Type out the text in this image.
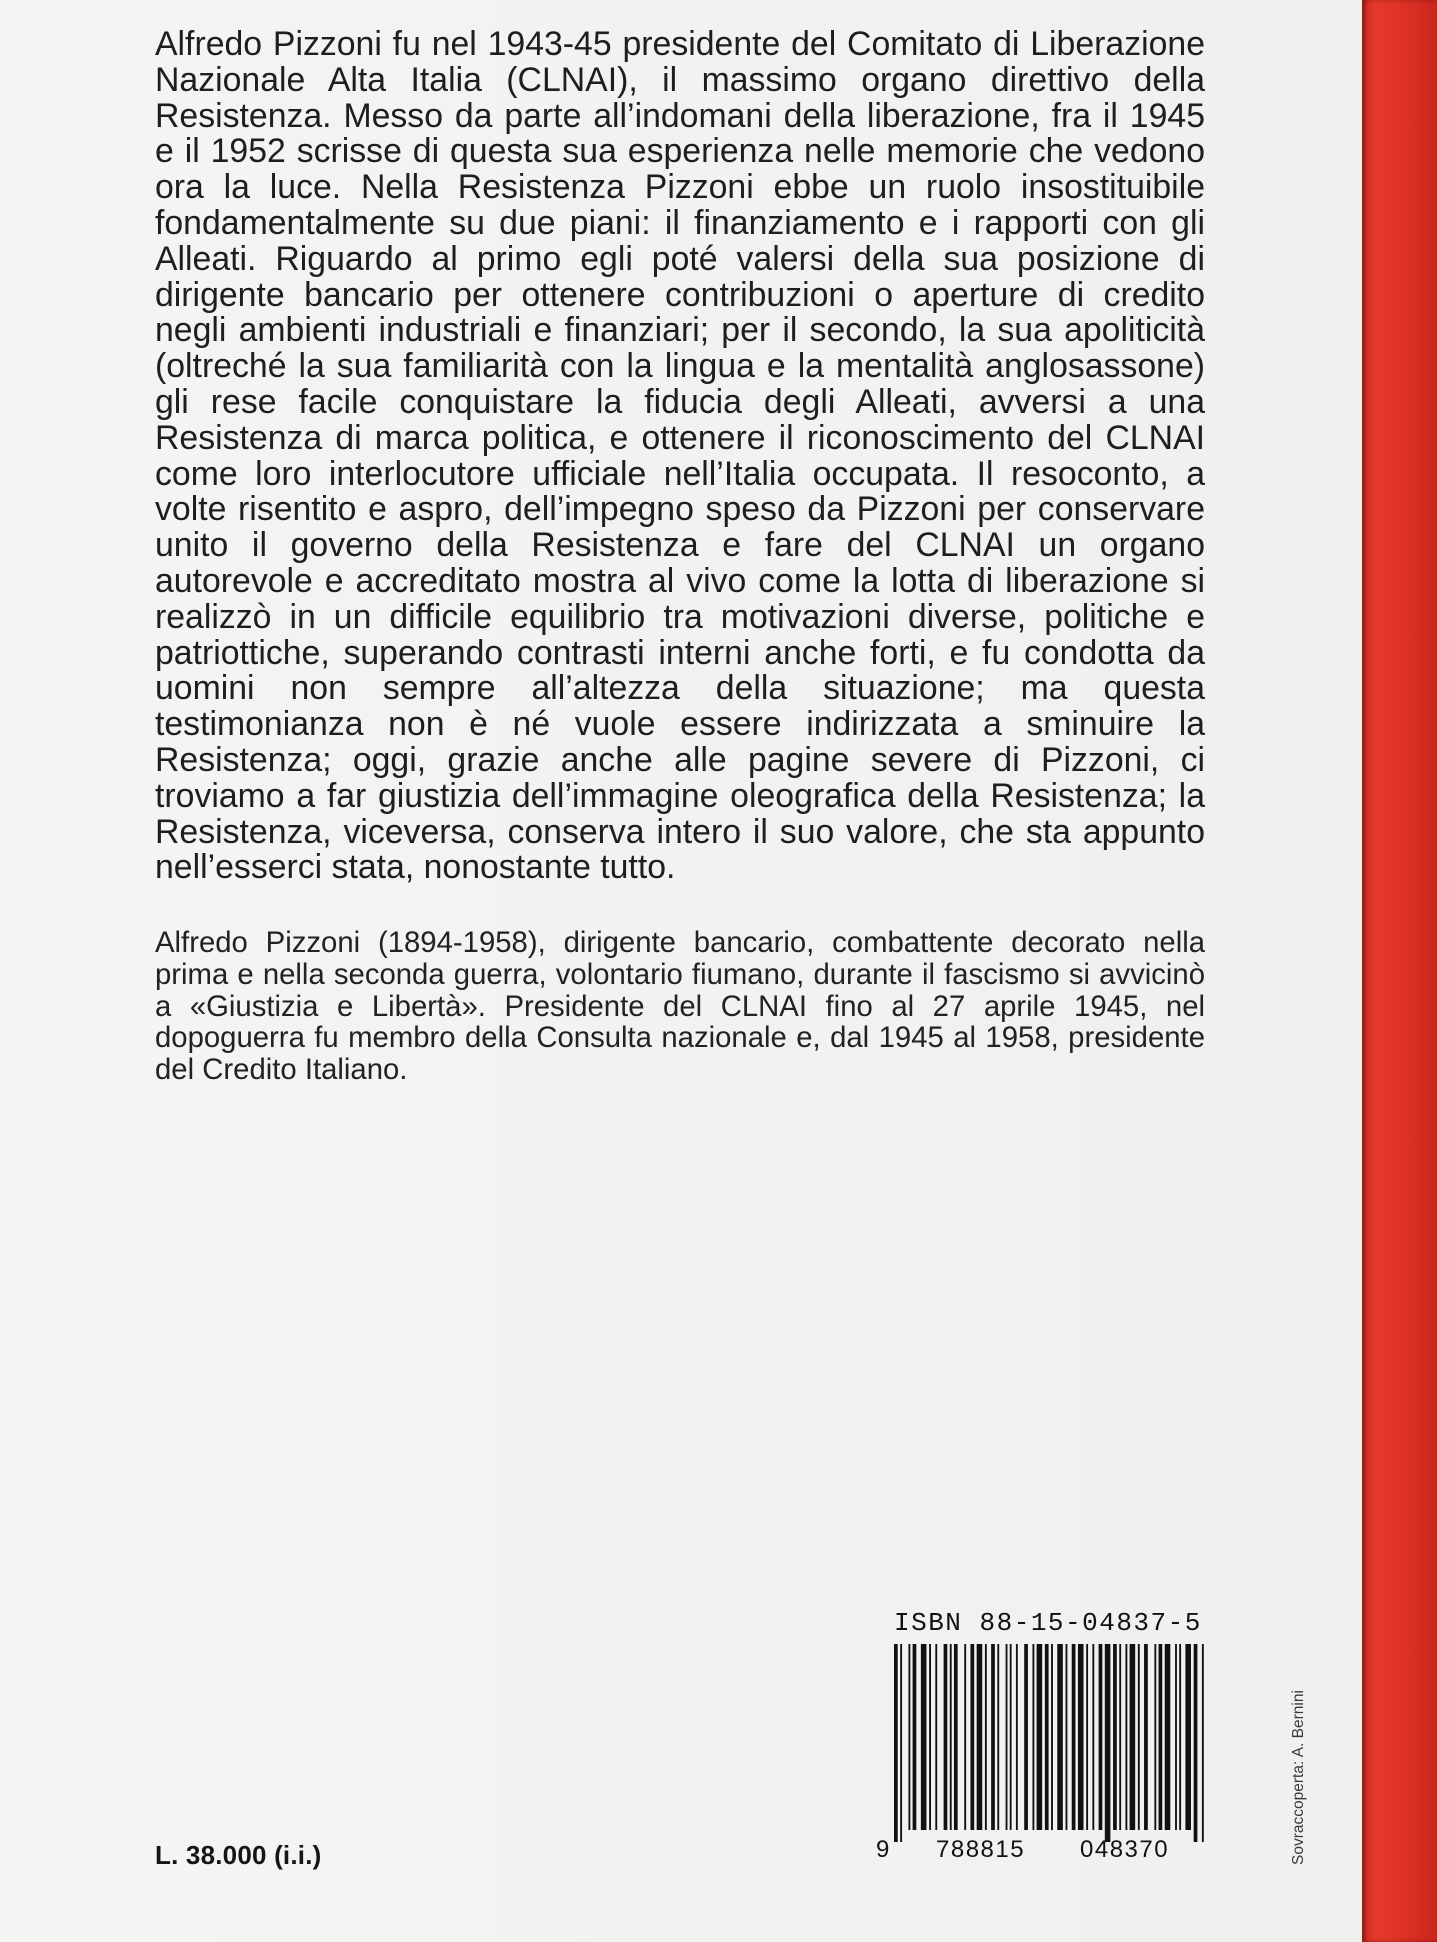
Alfredo Pizzoni fu nel 1943-45 presidente del Comitato di Liberazione Nazionale Alta Italia (CLNAI), il massimo organo direttivo della Resistenza. Messo da parte all’indomani della liberazione, fra il 1945 e il 1952 scrisse di questa sua esperienza nelle memorie che vedono ora la luce. Nella Resistenza Pizzoni ebbe un ruolo insostituibile fondamentalmente su due piani: il finanziamento e i rapporti con gli Alleati. Riguardo al primo egli poté valersi della sua posizione di dirigente bancario per ottenere contribuzioni o aperture di credito negli ambienti industriali e finanziari; per il secondo, la sua apoliticità (oltreché la sua familiarità con la lingua e la mentalità anglosassone) gli rese facile conquistare la fiducia degli Alleati, avversi a una Resistenza di marca politica, e ottenere il riconoscimento del CLNAI come loro interlocutore ufficiale nell’Italia occupata. Il resoconto, a volte risentito e aspro, dell’impegno speso da Pizzoni per conservare unito il governo della Resistenza e fare del CLNAI un organo autorevole e accreditato mostra al vivo come la lotta di liberazione si realizzò in un difficile equilibrio tra motivazioni diverse, politiche e patriottiche, superando contrasti interni anche forti, e fu condotta da uomini non sempre all’altezza della situazione; ma questa testimonianza non è né vuole essere indirizzata a sminuire la Resistenza; oggi, grazie anche alle pagine severe di Pizzoni, ci troviamo a far giustizia dell’immagine oleografica della Resistenza; la Resistenza, viceversa, conserva intero il suo valore, che sta appunto nell’esserci stata, nonostante tutto.

Alfredo Pizzoni (1894-1958), dirigente bancario, combattente decorato nella prima e nella seconda guerra, volontario fiumano, durante il fascismo si avvicinò a «Giustizia e Libertà». Presidente del CLNAI fino al 27 aprile 1945, nel dopoguerra fu membro della Consulta nazionale e, dal 1945 al 1958, presidente del Credito Italiano.

L. 38.000 (i.i.)
ISBN 88-15-04837-5
9 788815 048370	Sovraccoperta: A. Bernini
